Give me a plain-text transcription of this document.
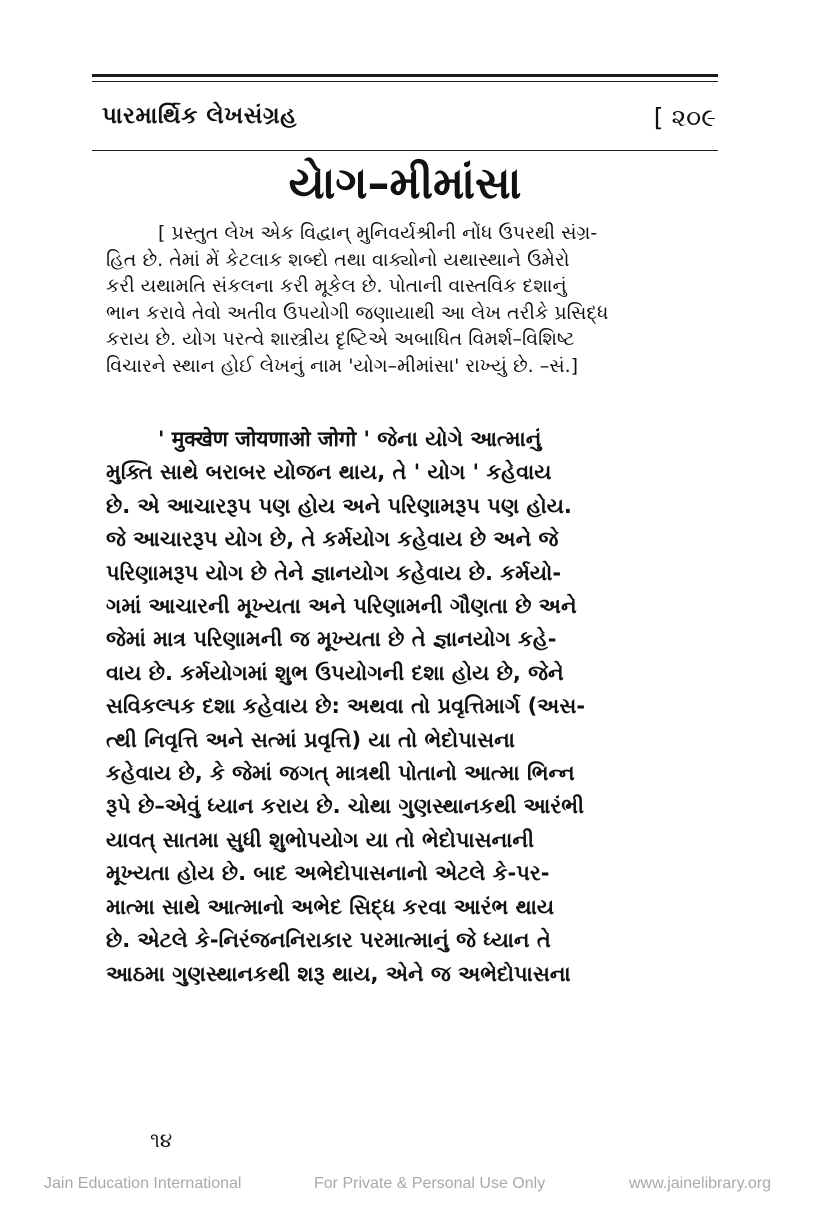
પારમાર્થિક લેખસંગ્રહ	[ ૨૦૯
યેાગ–મીમાંસા
[ પ્રસ્તુત લેખ એક વિદ્વાન્ મુનિવર્યશ્રીની નોંધ ઉપરથી સંગ્ર-
હિત છે. તેમાં મેં કેટલાક શબ્દો તથા વાક્યોનો યથાસ્થાને ઉમેરો
કરી યથામતિ સંકલના કરી મૂકેલ છે. પોતાની વાસ્તવિક દશાનું
ભાન કરાવે તેવો અતીવ ઉપયોગી જણાયાથી આ લેખ તરીકે પ્રસિદ્ધ
કરાય છે. યોગ પરત્વે શાસ્ત્રીય દૃષ્ટિએ અબાધિત વિમર્શ–વિશિષ્ટ
વિચારને સ્થાન હોઈ લેખનું નામ 'યોગ–મીમાંસા' રાખ્યું છે. –સં.]
' मुक्खेण जोयणाओ जोगो ' જેના યોગે આત્માનું
મુક્તિ સાથે બરાબર યોજન થાય, તે ' યોગ ' કહેવાય
છે. એ આચારરૂપ પણ હોય અને પરિણામરૂપ પણ હોય.
જે આચારરૂપ યોગ છે, તે કર્મયોગ કહેવાય છે અને જે
પરિણામરૂપ યોગ છે તેને જ્ઞાનયોગ કહેવાય છે. કર્મયો-
ગમાં આચારની મૂખ્યતા અને પરિણામની ગૌણતા છે અને
જેમાં માત્ર પરિણામની જ મૂખ્યતા છે તે જ્ઞાનયોગ કહે-
વાય છે. કર્મયોગમાં શુભ ઉપયોગની દશા હોય છે, જેને
સવિકલ્પક દશા કહેવાય છે: અથવા તો પ્રવૃત્તિમાર્ગ (અસ-
ત્થી નિવૃત્તિ અને સત્માં પ્રવૃત્તિ) યા તો ભેદોપાસના
કહેવાય છે, કે જેમાં જગત્ માત્રથી પોતાનો આત્મા ભિન્ન
રૂપે છે–એવું ધ્યાન કરાય છે. ચોથા ગુણસ્થાનકથી આરંભી
યાવત્ સાતમા સુધી શુભોપયોગ યા તો ભેદોપાસનાની
મૂખ્યતા હોય છે. બાદ અભેદોપાસનાનો એટલે કે-પર-
માત્મા સાથે આત્માનો અભેદ સિદ્ધ કરવા આરંભ થાય
છે. એટલે કે-નિરંજનનિરાકાર પરમાત્માનું જે ધ્યાન તે
આઠમા ગુણસ્થાનકથી શરૂ થાય, એને જ અભેદોપાસના
૧૪
Jain Education International	For Private & Personal Use Only	www.jainelibrary.org
